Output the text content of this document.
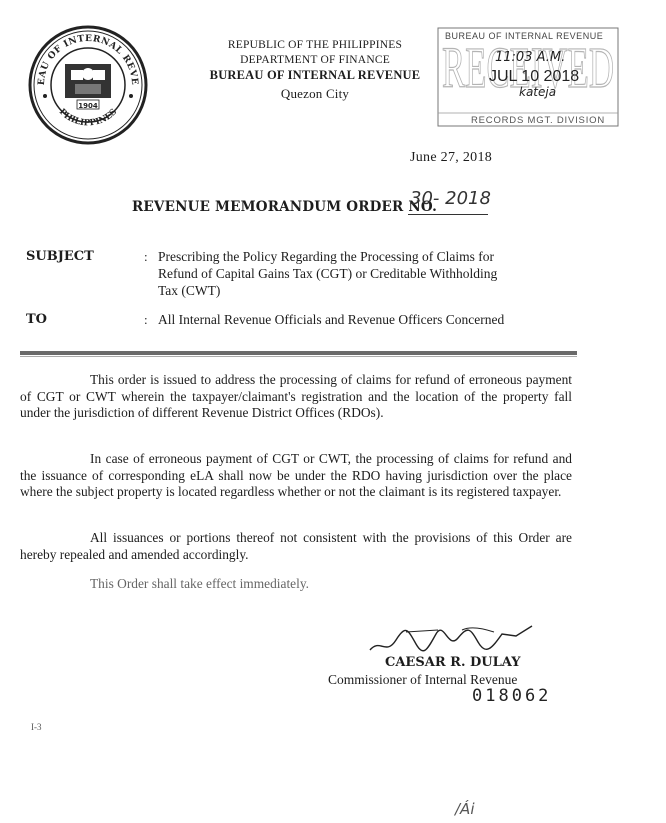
EAU OF INTERNAL REVE
PHILIPPINES
1904
REPUBLIC OF THE PHILIPPINES
DEPARTMENT OF FINANCE
BUREAU OF INTERNAL REVENUE
Quezon City	RECEIVED
BUREAU OF INTERNAL REVENUE
11:03 A.M.
JUL 10 2018
kateja
RECORDS MGT. DIVISION
June 27, 2018
REVENUE MEMORANDUM ORDER NO.
30- 2018
SUBJECT	: Prescribing the Policy Regarding the Processing of Claims for
Refund of Capital Gains Tax (CGT) or Creditable Withholding
Tax (CWT)
TO	: All Internal Revenue Officials and Revenue Officers Concerned
This order is issued to address the processing of claims for refund of erroneous payment of CGT or CWT wherein the taxpayer/claimant's registration and the location of the property fall under the jurisdiction of different Revenue District Offices (RDOs).
In case of erroneous payment of CGT or CWT, the processing of claims for refund and the issuance of corresponding eLA shall now be under the RDO having jurisdiction over the place where the subject property is located regardless whether or not the claimant is its registered taxpayer.
All issuances or portions thereof not consistent with the provisions of this Order are hereby repealed and amended accordingly.
This Order shall take effect immediately.
CAESAR R. DULAY
Commissioner of Internal Revenue
018062
I-3
/Ái
